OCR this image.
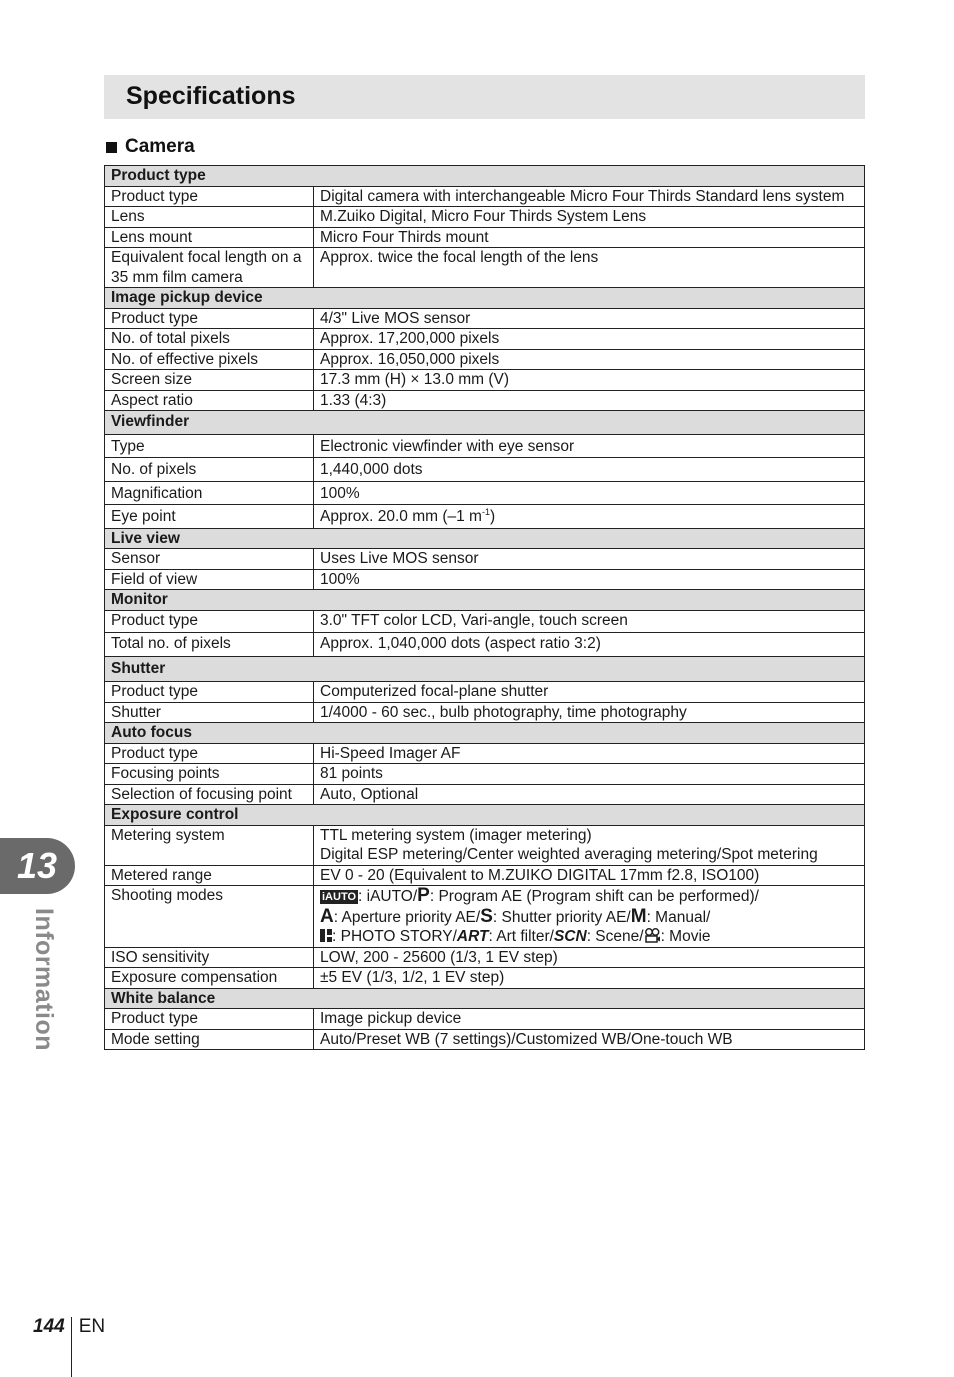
Specifications
Camera
Product type	
Product type	Digital camera with interchangeable Micro Four Thirds Standard lens system
Lens	M.Zuiko Digital, Micro Four Thirds System Lens
Lens mount	Micro Four Thirds mount
Equivalent focal length on a 35 mm film camera	Approx. twice the focal length of the lens
Image pickup device	
Product type	4/3" Live MOS sensor
No. of total pixels	Approx. 17,200,000 pixels
No. of effective pixels	Approx. 16,050,000 pixels
Screen size	17.3 mm (H) × 13.0 mm (V)
Aspect ratio	1.33 (4:3)
Viewfinder	
Type	Electronic viewfinder with eye sensor
No. of pixels	1,440,000 dots
Magnification	100%
Eye point	Approx. 20.0 mm (–1 $m^{-1}$)
Live view	
Sensor	Uses Live MOS sensor
Field of view	100%
Monitor	
Product type	3.0" TFT color LCD, Vari-angle, touch screen
Total no. of pixels	Approx. 1,040,000 dots (aspect ratio 3:2)
Shutter	
Product type	Computerized focal-plane shutter
Shutter	1/4000 - 60 sec., bulb photography, time photography
Auto focus	
Product type	Hi-Speed Imager AF
Focusing points	81 points
Selection of focusing point	Auto, Optional
Exposure control	
Metering system	TTL metering system (imager metering)
Digital ESP metering/Center weighted averaging metering/Spot metering

Metered range	EV 0 - 20 (Equivalent to M.ZUIKO DIGITAL 17mm f2.8, ISO100)
Shooting modes	iAUTO : iAUTO/P: Program AE (Program shift can be performed)/
A: Aperture priority AE/S: Shutter priority AE/M: Manual/
: PHOTO STORY/ART: Art filter/SCN: Scene/ : Movie

ISO sensitivity	LOW, 200 - 25600 (1/3, 1 EV step)
Exposure compensation	±5 EV (1/3, 1/2, 1 EV step)
White balance	
Product type	Image pickup device
Mode setting	Auto/Preset WB (7 settings)/Customized WB/One-touch WB
13
Information
144 EN
